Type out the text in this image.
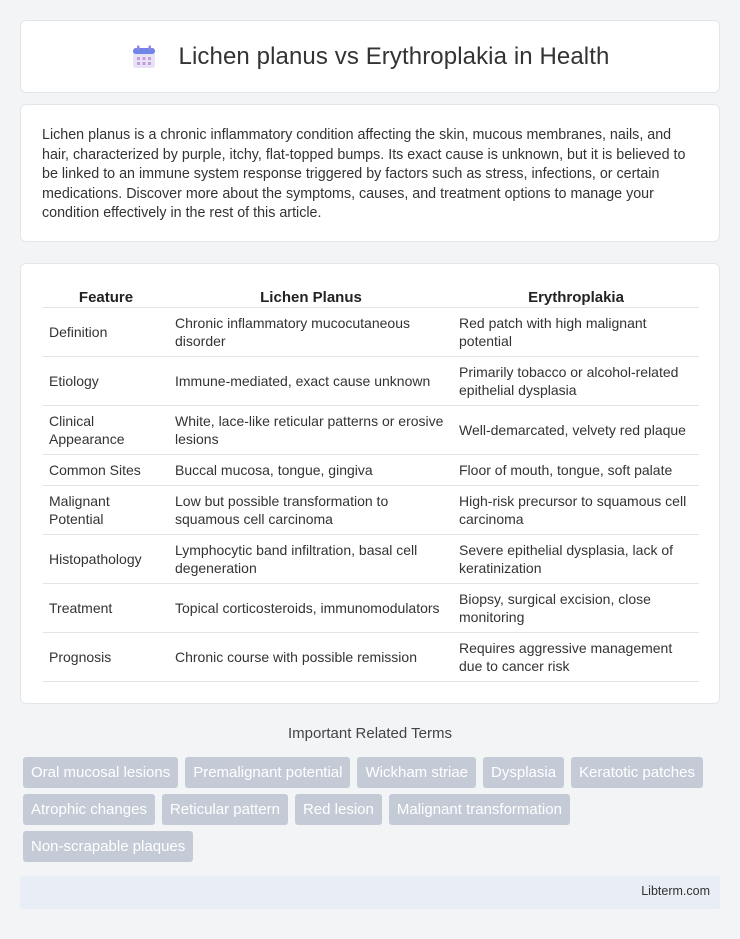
Lichen planus vs Erythroplakia in Health

Lichen planus is a chronic inflammatory condition affecting the skin, mucous membranes, nails, and hair, characterized by purple, itchy, flat-topped bumps. Its exact cause is unknown, but it is believed to be linked to an immune system response triggered by factors such as stress, infections, or certain medications. Discover more about the symptoms, causes, and treatment options to manage your condition effectively in the rest of this article.

Feature	Lichen Planus	Erythroplakia
Definition	Chronic inflammatory mucocutaneous disorder	Red patch with high malignant potential
Etiology	Immune-mediated, exact cause unknown	Primarily tobacco or alcohol-related epithelial dysplasia
Clinical Appearance	White, lace-like reticular patterns or erosive lesions	Well-demarcated, velvety red plaque
Common Sites	Buccal mucosa, tongue, gingiva	Floor of mouth, tongue, soft palate
Malignant Potential	Low but possible transformation to squamous cell carcinoma	High-risk precursor to squamous cell carcinoma
Histopathology	Lymphocytic band infiltration, basal cell degeneration	Severe epithelial dysplasia, lack of keratinization
Treatment	Topical corticosteroids, immunomodulators	Biopsy, surgical excision, close monitoring
Prognosis	Chronic course with possible remission	Requires aggressive management due to cancer risk
Important Related Terms
Oral mucosal lesions	Premalignant potential	Wickham striae	Dysplasia	Keratotic patches
Atrophic changes	Reticular pattern	Red lesion	Malignant transformation
Non-scrapable plaques
Libterm.com
